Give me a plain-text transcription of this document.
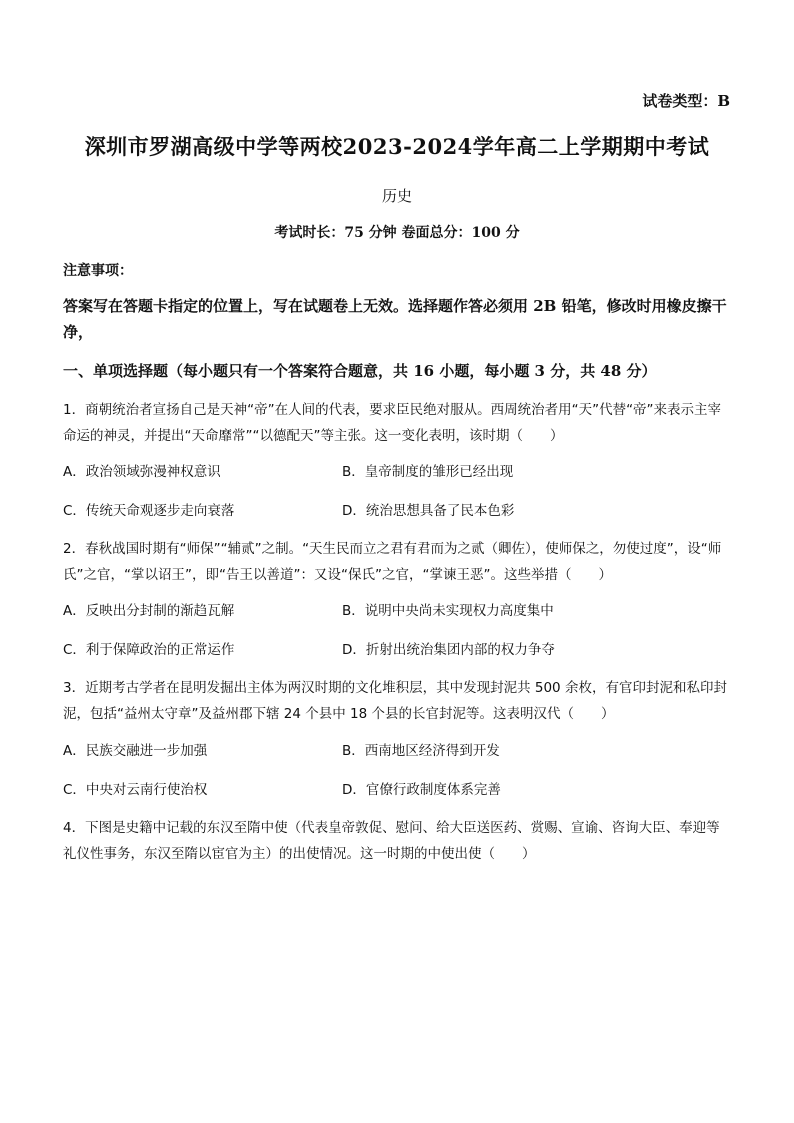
试卷类型：B
深圳市罗湖高级中学等两校2023-2024学年高二上学期期中考试
历史
考试时长：75 分钟 卷面总分：100 分
注意事项：
答案写在答题卡指定的位置上，写在试题卷上无效。选择题作答必须用 2B 铅笔，修改时用橡皮擦干净，
一、单项选择题（每小题只有一个答案符合题意，共 16 小题，每小题 3 分，共 48 分）
1．商朝统治者宣扬自己是天神“帝”在人间的代表，要求臣民绝对服从。西周统治者用“天”代替“帝”来表示主宰命运的神灵，并提出“天命靡常”“以德配天”等主张。这一变化表明，该时期（　　）
A．政治领域弥漫神权意识	B．皇帝制度的雏形已经出现
C．传统天命观逐步走向衰落	D．统治思想具备了民本色彩
2．春秋战国时期有“师保”“辅贰”之制。“天生民而立之君有君而为之贰（卿佐），使师保之，勿使过度”，设“师氏”之官，“掌以诏王”，即“告王以善道”：又设“保氏”之官，“掌谏王恶”。这些举措（　　）
A．反映出分封制的渐趋瓦解	B．说明中央尚未实现权力高度集中
C．利于保障政治的正常运作	D．折射出统治集团内部的权力争夺
3．近期考古学者在昆明发掘出主体为两汉时期的文化堆积层，其中发现封泥共 500 余枚，有官印封泥和私印封泥，包括“益州太守章”及益州郡下辖 24 个县中 18 个县的长官封泥等。这表明汉代（　　）
A．民族交融进一步加强	B．西南地区经济得到开发
C．中央对云南行使治权	D．官僚行政制度体系完善
4．下图是史籍中记载的东汉至隋中使（代表皇帝敦促、慰问、给大臣送医药、赏赐、宣谕、咨询大臣、奉迎等礼仪性事务，东汉至隋以宦官为主）的出使情况。这一时期的中使出使（　　）
